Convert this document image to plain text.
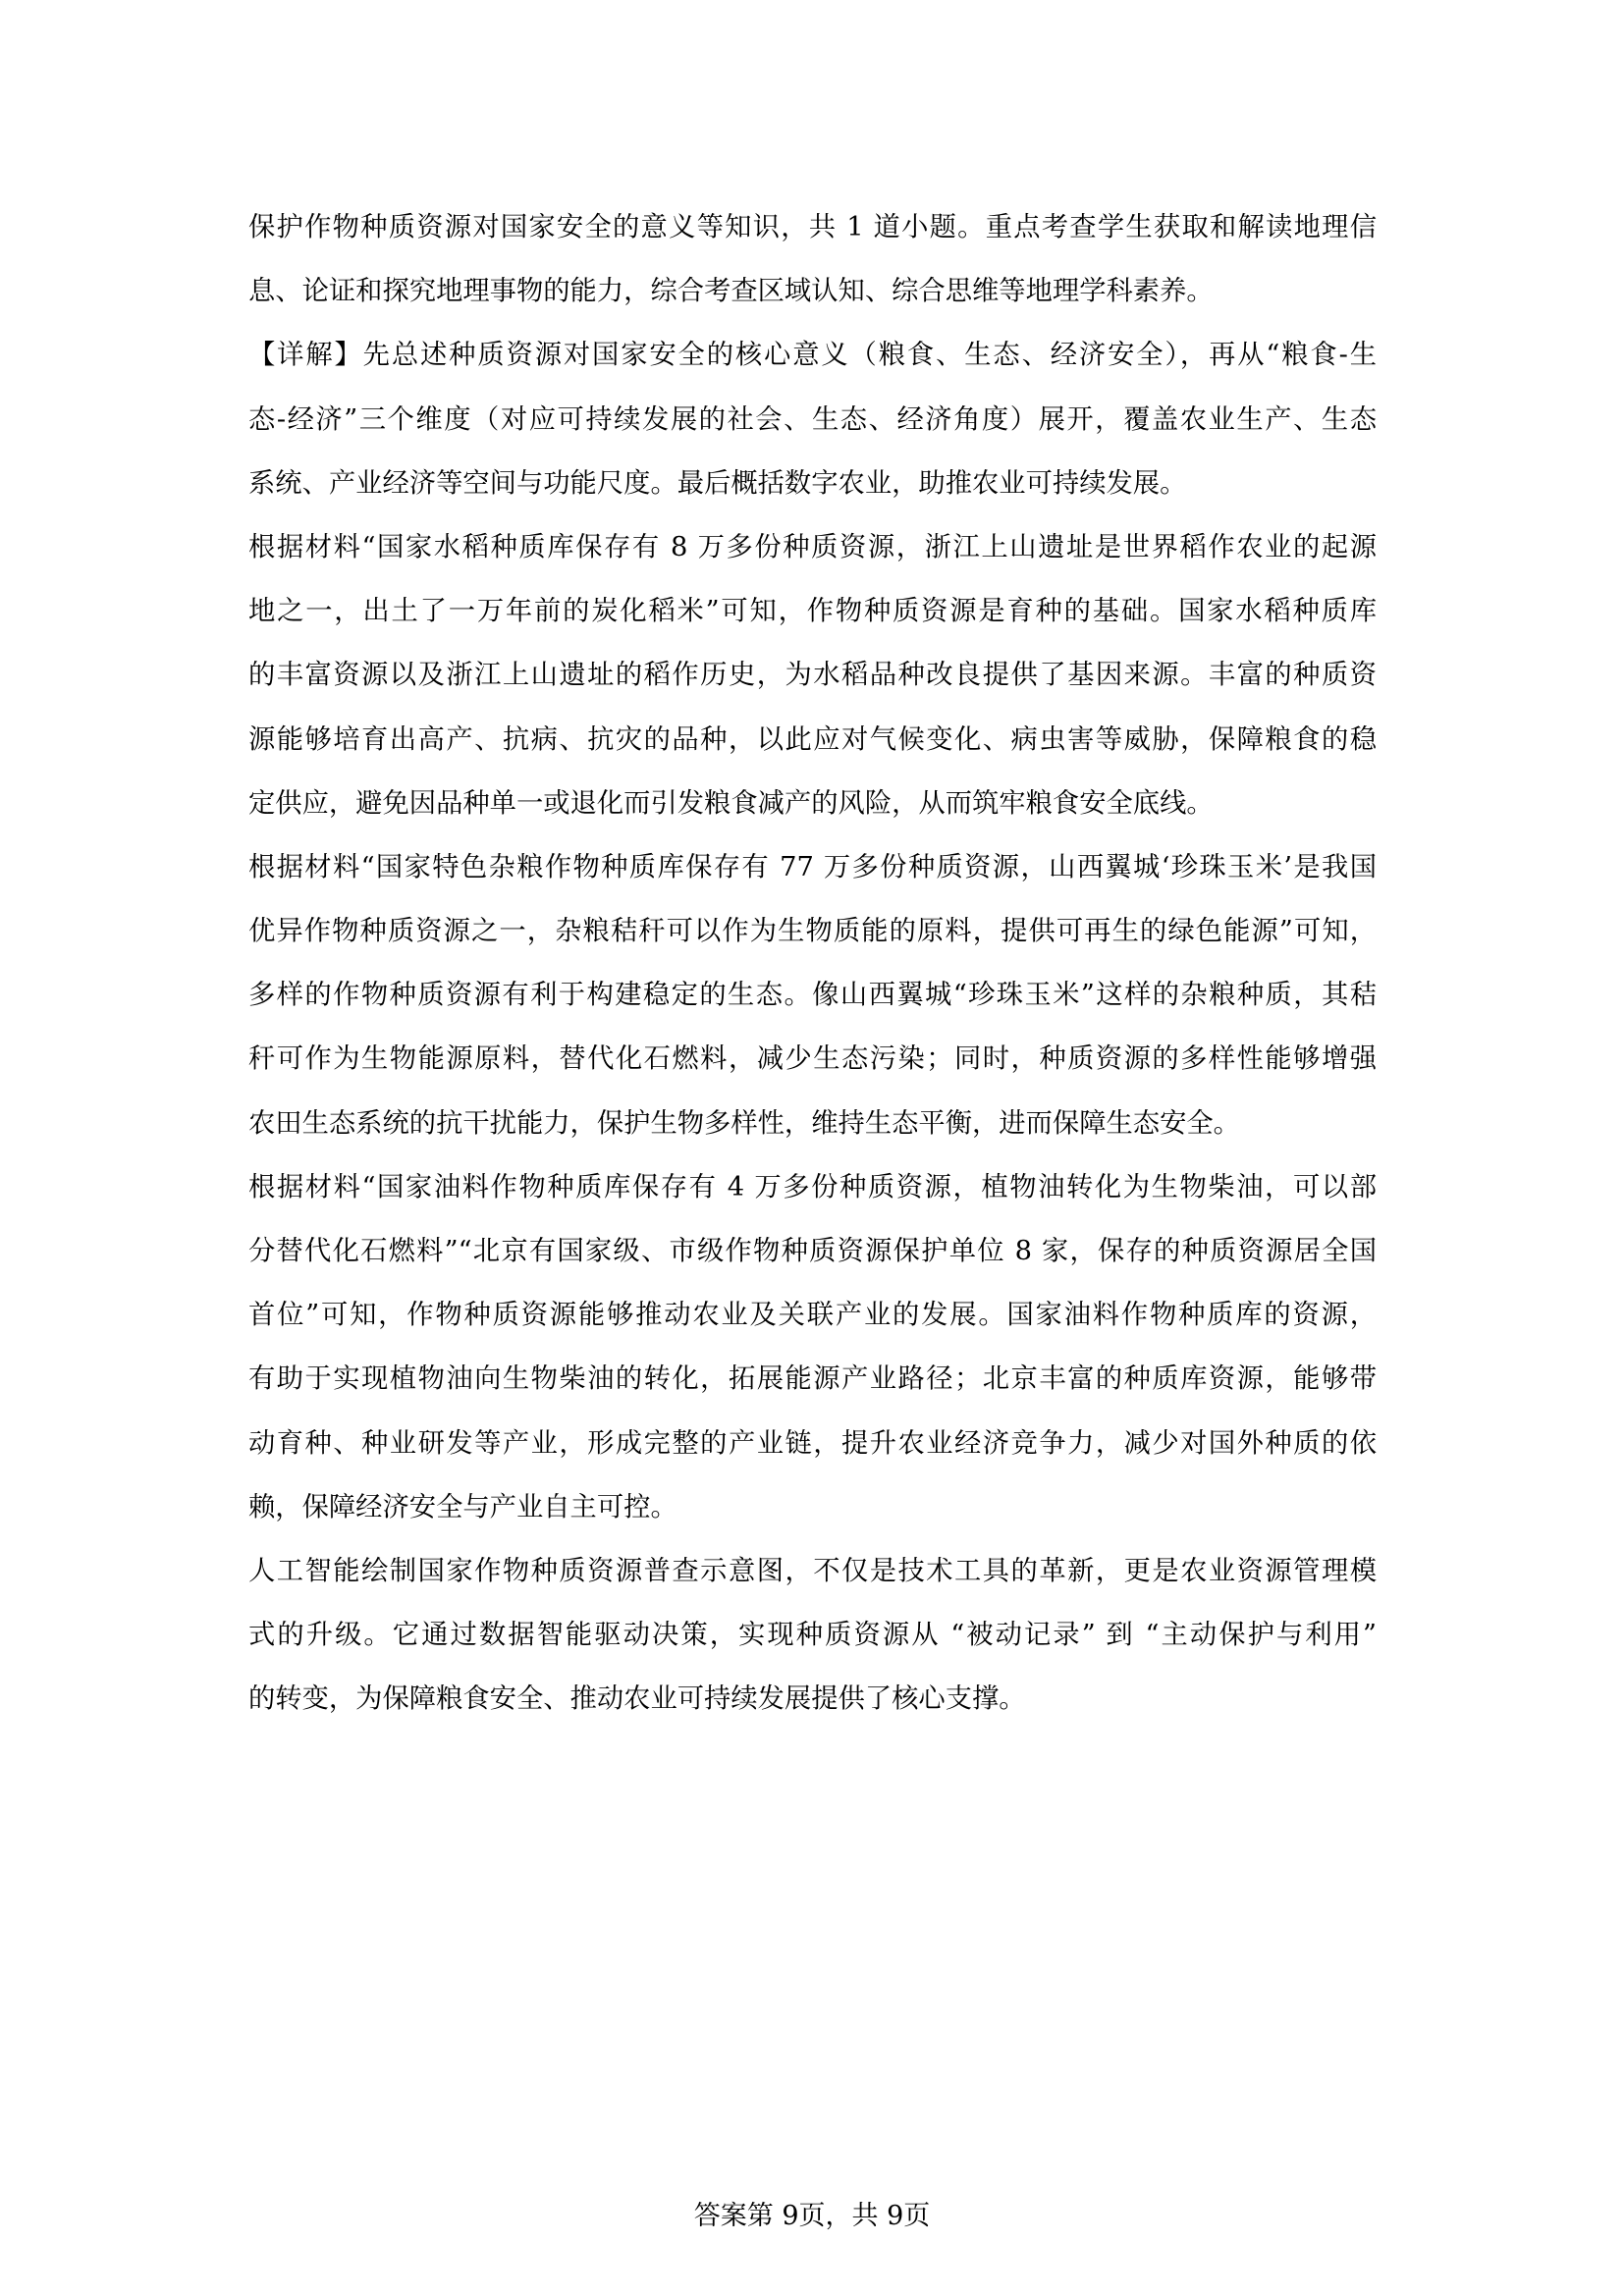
保护作物种质资源对国家安全的意义等知识，共 1 道小题。重点考查学生获取和解读地理信
息、论证和探究地理事物的能力，综合考查区域认知、综合思维等地理学科素养。
【详解】先总述种质资源对国家安全的核心意义（粮食、生态、经济安全），再从“粮食-生
态-经济”三个维度（对应可持续发展的社会、生态、经济角度）展开，覆盖农业生产、生态
系统、产业经济等空间与功能尺度。最后概括数字农业，助推农业可持续发展。
根据材料“国家水稻种质库保存有 8 万多份种质资源，浙江上山遗址是世界稻作农业的起源
地之一，出土了一万年前的炭化稻米”可知，作物种质资源是育种的基础。国家水稻种质库
的丰富资源以及浙江上山遗址的稻作历史，为水稻品种改良提供了基因来源。丰富的种质资
源能够培育出高产、抗病、抗灾的品种，以此应对气候变化、病虫害等威胁，保障粮食的稳
定供应，避免因品种单一或退化而引发粮食减产的风险，从而筑牢粮食安全底线。
根据材料“国家特色杂粮作物种质库保存有 77 万多份种质资源，山西翼城‘珍珠玉米’是我国
优异作物种质资源之一，杂粮秸秆可以作为生物质能的原料，提供可再生的绿色能源”可知，
多样的作物种质资源有利于构建稳定的生态。像山西翼城“珍珠玉米”这样的杂粮种质，其秸
秆可作为生物能源原料，替代化石燃料，减少生态污染；同时，种质资源的多样性能够增强
农田生态系统的抗干扰能力，保护生物多样性，维持生态平衡，进而保障生态安全。
根据材料“国家油料作物种质库保存有 4 万多份种质资源，植物油转化为生物柴油，可以部
分替代化石燃料”“北京有国家级、市级作物种质资源保护单位 8 家，保存的种质资源居全国
首位”可知，作物种质资源能够推动农业及关联产业的发展。国家油料作物种质库的资源，
有助于实现植物油向生物柴油的转化，拓展能源产业路径；北京丰富的种质库资源，能够带
动育种、种业研发等产业，形成完整的产业链，提升农业经济竞争力，减少对国外种质的依
赖，保障经济安全与产业自主可控。
人工智能绘制国家作物种质资源普查示意图，不仅是技术工具的革新，更是农业资源管理模
式的升级。它通过数据智能驱动决策，实现种质资源从 “被动记录” 到 “主动保护与利用”
的转变，为保障粮食安全、推动农业可持续发展提供了核心支撑。
答案第 9页，共 9页
